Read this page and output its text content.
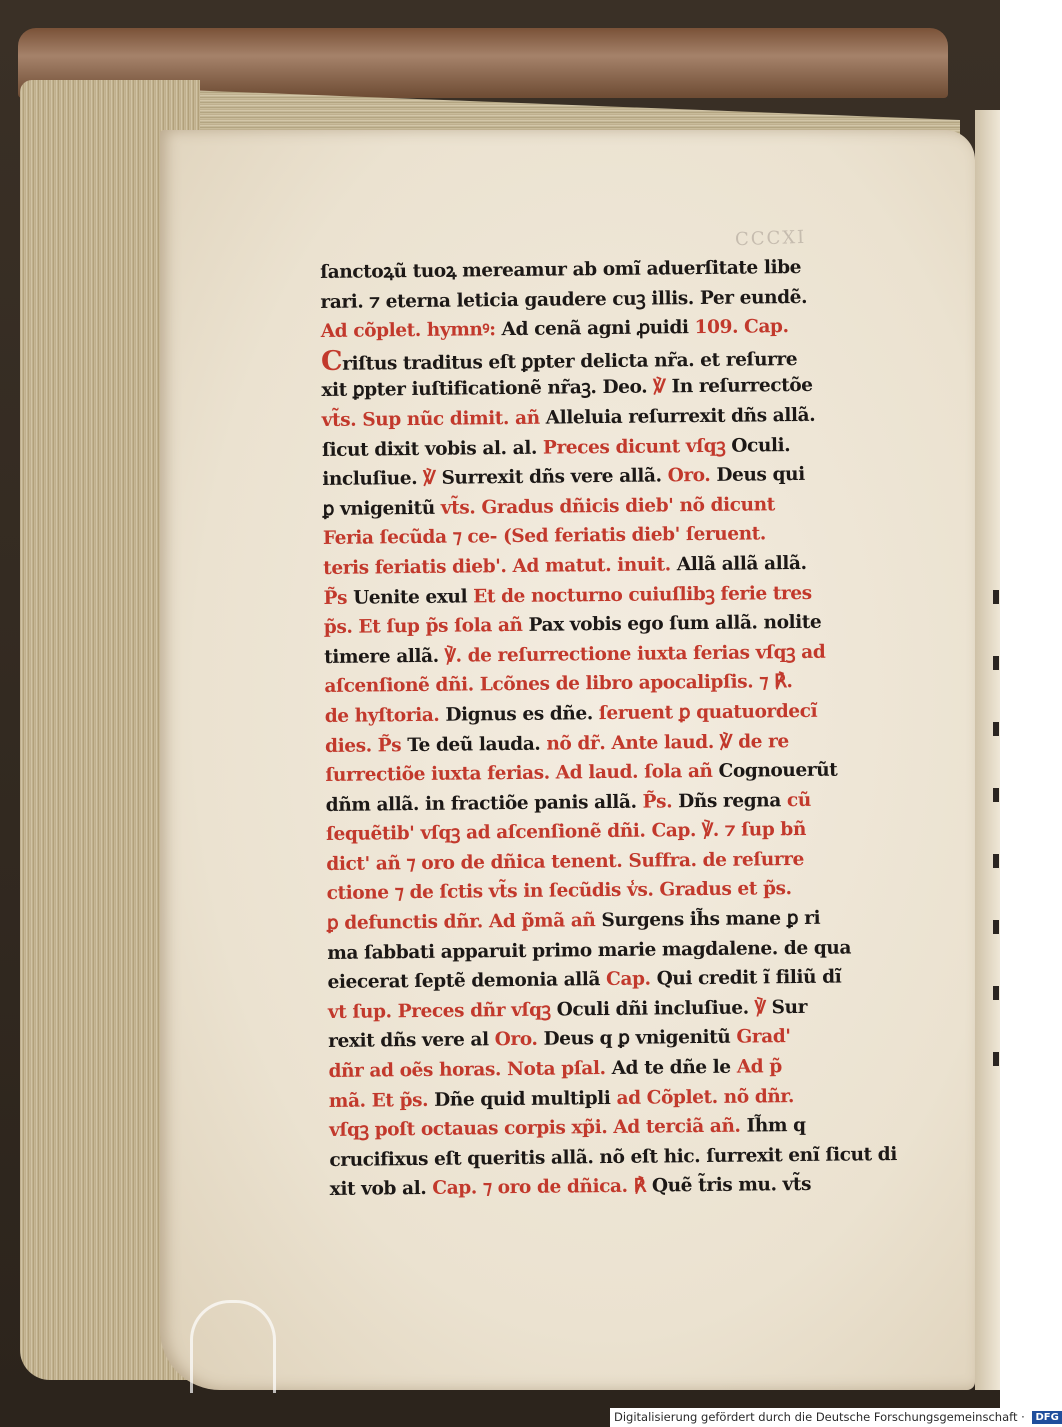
CCCXI
ſanctoꝝũ tuoꝝ mereamur ab omĩ aduerſitate libe
rari. ⁊ eterna leticia gaudere cuꝫ illis. Per eundẽ.
Ad cõplet. hymnꝰ: Ad cenã agni ꝓuidi 109. Cap.
Criſtus traditus eſt ꝑpter delicta nr̃a. et reſurre
xit ꝑpter iuſtificationẽ nr̃aꝫ. Deo. ℣ In reſurrectõe
vt̃s. Sup nũc dimit. añ Alleluia reſurrexit dñs allã.
ſicut dixit vobis al. al. Preces dicunt vſqꝫ Oculi.
incluſiue. ℣ Surrexit dñs vere allã. Oro. Deus qui
ꝑ vnigenitũ vt̃s. Gradus dñicis dieb' nõ dicunt
Feria ſecũda ⁊ ce- (Sed feriatis dieb' ſeruent.
teris feriatis dieb'. Ad matut. inuit. Allã allã allã.
P̃s Uenite exul Et de nocturno cuiuſlibꝫ ferie tres
p̃s. Et ſup p̃s ſola añ Pax vobis ego ſum allã. nolite
timere allã. ℣. de reſurrectione iuxta ferias vſqꝫ ad
aſcenſionẽ dñi. Lcõnes de libro apocalipſis. ⁊ ℟.
de hyſtoria. Dignus es dñe. ſeruent ꝑ quatuordecĩ
dies. P̃s Te deũ lauda. nõ dr̃. Ante laud. ℣ de re
ſurrectiõe iuxta ferias. Ad laud. ſola añ Cognouerũt
dñm allã. in fractiõe panis allã. P̃s. Dñs regna cũ
ſequẽtib' vſqꝫ ad aſcenſionẽ dñi. Cap. ℣. ⁊ ſup bñ
dict' añ ⁊ oro de dñica tenent. Suffra. de reſurre
ctione ⁊ de ſctis vt̃s in ſecũdis v̾s. Gradus et p̃s.
ꝑ defunctis dñr. Ad p̃mã añ Surgens ih̃s mane ꝑ ri
ma ſabbati apparuit primo marie magdalene. de qua
eiecerat ſeptẽ demonia allã Cap. Qui credit ĩ filiũ dĩ
vt ſup. Preces dñr vſqꝫ Oculi dñi incluſiue. ℣ Sur
rexit dñs vere al Oro. Deus q ꝑ vnigenitũ Grad'
dñr ad oẽs horas. Nota pſal. Ad te dñe le Ad p̃
mã. Et p̃s. Dñe quid multipli ad Cõplet. nõ dñr.
vſqꝫ poſt octauas corpis xp̃i. Ad terciã añ. Ih̃m q
crucifixus eſt queritis allã. nõ eſt hic. ſurrexit enĩ ſicut di
xit vob al. Cap. ⁊ oro de dñica. ℟ Quẽ t̃ris mu. vt̃s
Digitalisierung gefördert durch die Deutsche Forschungsgemeinschaft · DFG
